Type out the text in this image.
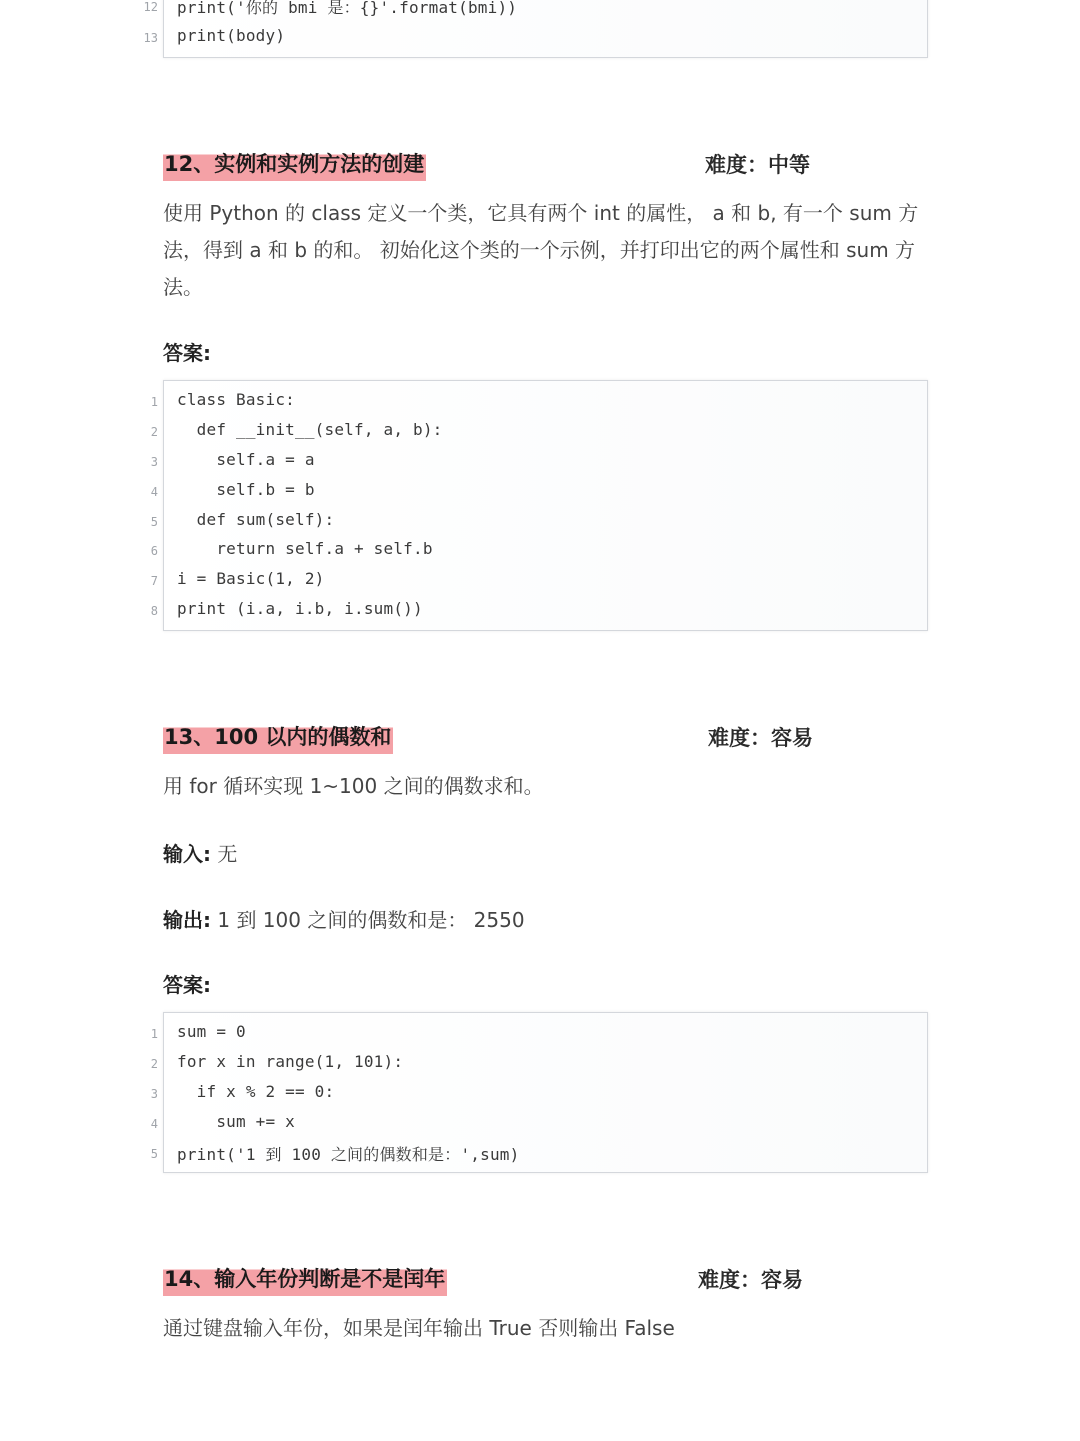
12 print('你的 bmi 是：{}'.format(bmi))
13 print(body)
12、实例和实例方法的创建	难度：中等
使用 Python 的 class 定义一个类，它具有两个 int 的属性， a 和 b, 有一个 sum 方法，得到 a 和 b 的和。 初始化这个类的一个示例，并打印出它的两个属性和 sum 方法。
答案:
1 class Basic:
2 def __init__(self, a, b):
3 self.a = a
4 self.b = b
5 def sum(self):
6 return self.a + self.b
7 i = Basic(1, 2)
8 print (i.a, i.b, i.sum())
13、100 以内的偶数和	难度：容易
用 for 循环实现 1~100 之间的偶数求和。
输入: 无
输出: 1 到 100 之间的偶数和是： 2550
答案:
1 sum = 0
2 for x in range(1, 101):
3 if x % 2 == 0:
4 sum += x
5 print('1 到 100 之间的偶数和是：',sum)
14、输入年份判断是不是闰年	难度：容易
通过键盘输入年份，如果是闰年输出 True 否则输出 False
